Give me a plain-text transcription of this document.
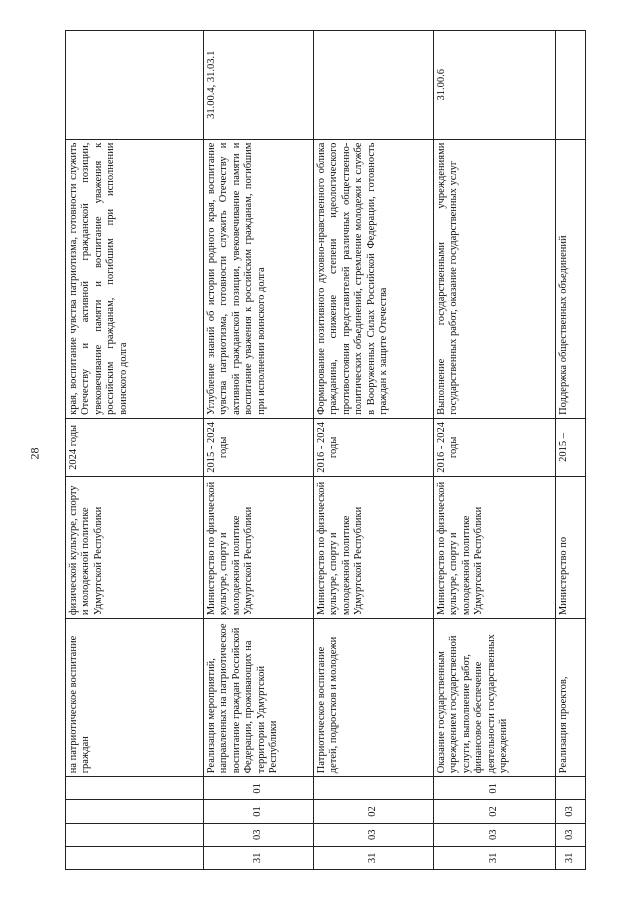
28
				на патриотическое воспитание граждан	физической культуре, спорту и молодежной политике Удмуртской Республики	2024 годы	края, воспитание чувства патриотизма, готовности служить Отечеству и активной гражданской позиции, увековечивание памяти и воспитание уважения к российским гражданам, погибшим при исполнении воинского долга	
31	03	01	01	Реализация мероприятий, направленных на патриотическое воспитание граждан Российской Федерации, проживающих на территории Удмуртской Республики	Министерство по физической культуре, спорту и молодежной политике Удмуртской Республики	2015 - 2024 годы	Углубление знаний об истории родного края, воспитание чувства патриотизма, готовности служить Отечеству и активной гражданской позиции, увековечивание памяти и воспитание уважения к российским гражданам, погибшим при исполнении воинского долга	31.00.4, 31.03.1
31	03	02		Патриотическое воспитание детей, подростков и молодежи	Министерство по физической культуре, спорту и молодежной политике Удмуртской Республики	2016 - 2024 годы	Формирование позитивного духовно-нравственного облика гражданина, снижение степени идеологического противостояния представителей различных общественно-политических объединений, стремление молодежи к службе в Вооруженных Силах Российской Федерации, готовность граждан к защите Отечества	
31	03	02	01	Оказание государственным учреждением государственной услуги, выполнение работ, финансовое обеспечение деятельности государственных учреждений	Министерство по физической культуре, спорту и молодежной политике Удмуртской Республики	2016 - 2024 годы	Выполнение государственными учреждениями государственных работ, оказание государственных услуг	31.00.6
31	03	03		Реализация проектов,	Министерство по	2015 –	Поддержка общественных объединений	
